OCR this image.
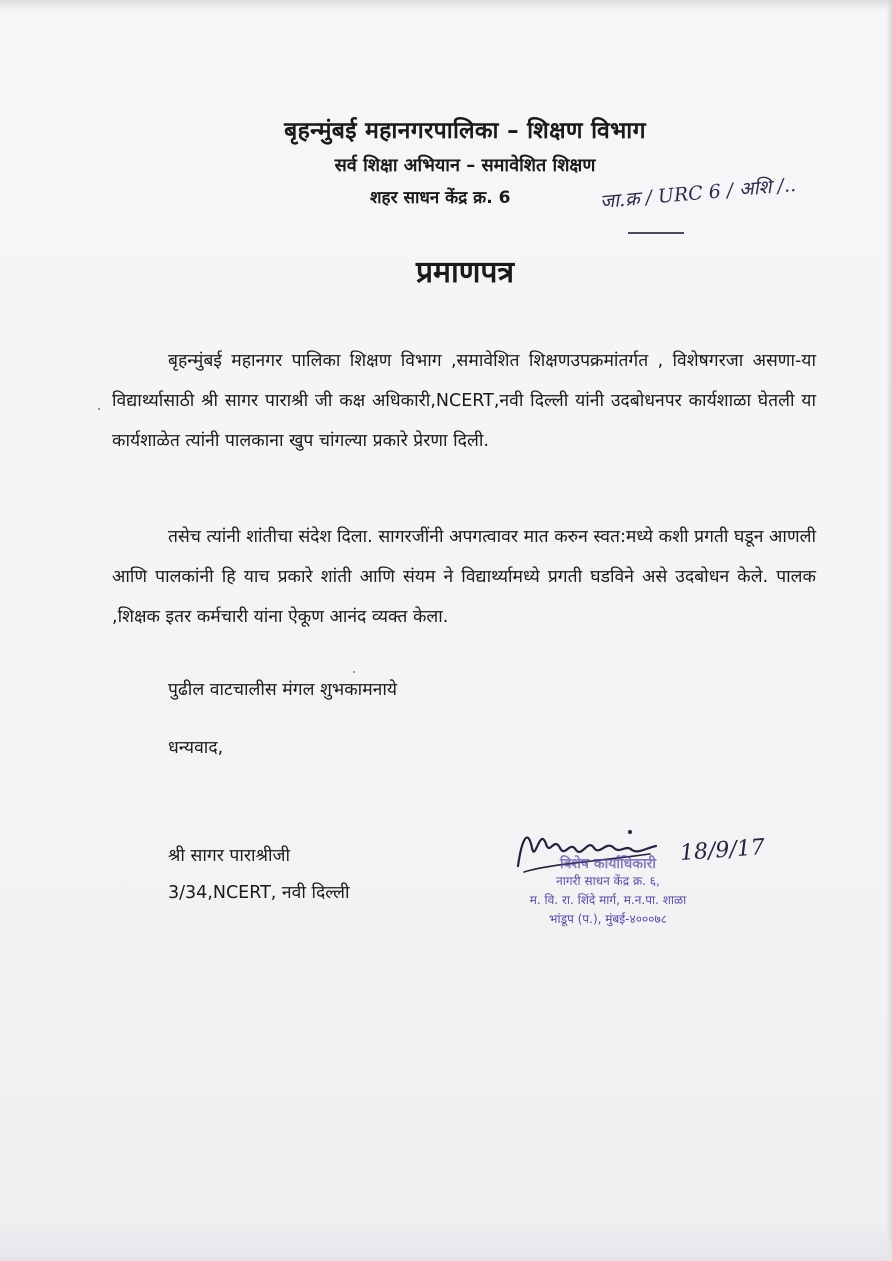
बृहन्मुंबई महानगरपालिका – शिक्षण विभाग
सर्व शिक्षा अभियान – समावेशित शिक्षण
शहर साधन केंद्र क्र. 6	जा.क्र / URC 6 / अशि /..
प्रमाणपत्र

बृहन्मुंबई महानगर पालिका शिक्षण विभाग ,समावेशित शिक्षणउपक्रमांतर्गत , विशेषगरजा असणा-या विद्यार्थ्यासाठी श्री सागर पाराश्री जी कक्ष अधिकारी,NCERT,नवी दिल्ली यांनी उदबोधनपर कार्यशाळा घेतली या कार्यशाळेत त्यांनी पालकाना खुप चांगल्या प्रकारे प्रेरणा दिली.

तसेच त्यांनी शांतीचा संदेश दिला. सागरजींनी अपगत्वावर मात करुन स्वत:मध्ये कशी प्रगती घडून आणली आणि पालकांनी हि याच प्रकारे शांती आणि संयम ने विद्यार्थ्यामध्ये प्रगती घडविने असे उदबोधन केले. पालक ,शिक्षक इतर कर्मचारी यांना ऐकूण आनंद व्यक्त केला.

पुढील वाटचालीस मंगल शुभकामनाये
धन्यवाद,
श्री सागर पाराश्रीजी
3/34,NCERT, नवी दिल्ली
18/9/17
विशेष कार्याधिकारी
नागरी साधन केंद्र क्र. ६,
म. वि. रा. शिंदे मार्ग, म.न.पा. शाळा
भांडूप (प.), मुंबई-४०००७८
